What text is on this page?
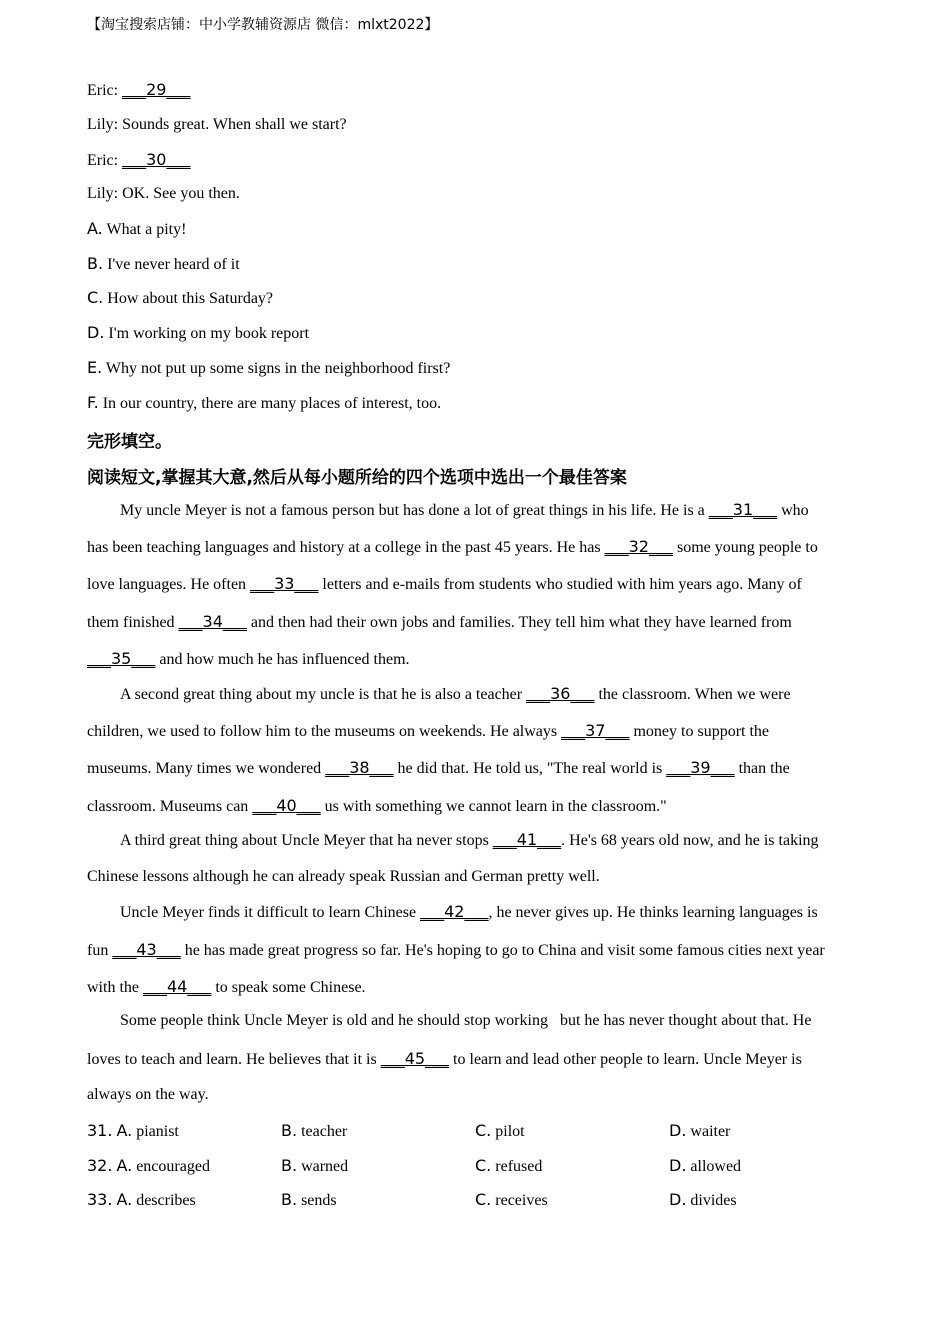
【淘宝搜索店铺：中小学教辅资源店 微信：mlxt2022】
Eric: ___29___
Lily: Sounds great. When shall we start?
Eric: ___30___
Lily: OK. See you then.
A. What a pity!
B. I've never heard of it
C. How about this Saturday?
D. I'm working on my book report
E. Why not put up some signs in the neighborhood first?
F. In our country, there are many places of interest, too.
完形填空。
阅读短文,掌握其大意,然后从每小题所给的四个选项中选出一个最佳答案
My uncle Meyer is not a famous person but has done a lot of great things in his life. He is a ___31___ who
has been teaching languages and history at a college in the past 45 years. He has ___32___ some young people to
love languages. He often ___33___ letters and e-mails from students who studied with him years ago. Many of
them finished ___34___ and then had their own jobs and families. They tell him what they have learned from
___35___ and how much he has influenced them.
A second great thing about my uncle is that he is also a teacher ___36___ the classroom. When we were
children, we used to follow him to the museums on weekends. He always ___37___ money to support the
museums. Many times we wondered ___38___ he did that. He told us, "The real world is ___39___ than the
classroom. Museums can ___40___ us with something we cannot learn in the classroom."
A third great thing about Uncle Meyer that ha never stops ___41___. He's 68 years old now, and he is taking
Chinese lessons although he can already speak Russian and German pretty well.
Uncle Meyer finds it difficult to learn Chinese ___42___, he never gives up. He thinks learning languages is
fun ___43___ he has made great progress so far. He's hoping to go to China and visit some famous cities next year
with the ___44___ to speak some Chinese.
Some people think Uncle Meyer is old and he should stop working   but he has never thought about that. He
loves to teach and learn. He believes that it is ___45___ to learn and lead other people to learn. Uncle Meyer is
always on the way.
31. A. pianist	B. teacher	C. pilot	D. waiter
32. A. encouraged	B. warned	C. refused	D. allowed
33. A. describes	B. sends	C. receives	D. divides
